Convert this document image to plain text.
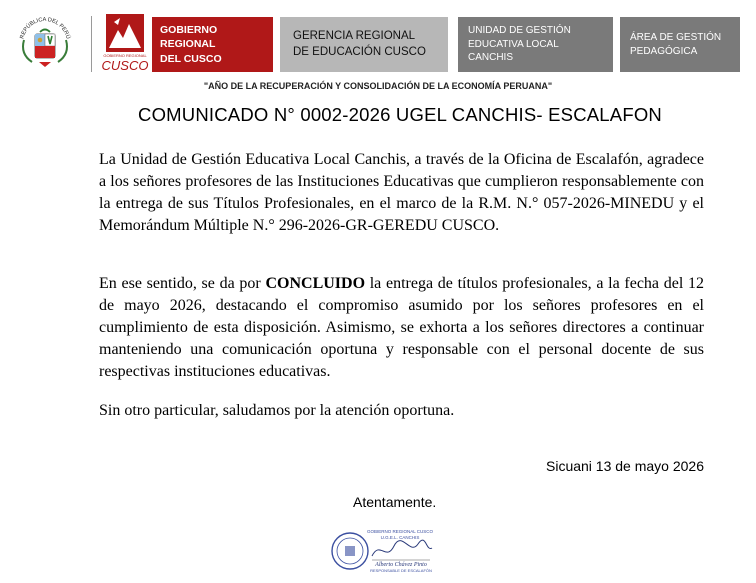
REPÚBLICA DEL PERÚ
GOBIERNO REGIONAL
CUSCO
GOBIERNO REGIONAL
DEL CUSCO
GERENCIA REGIONAL
DE EDUCACIÓN CUSCO
UNIDAD DE GESTIÓN
EDUCATIVA LOCAL
CANCHIS
ÁREA DE GESTIÓN
PEDAGÓGICA
"AÑO DE LA RECUPERACIÓN Y CONSOLIDACIÓN DE LA ECONOMÍA PERUANA"
COMUNICADO N° 0002-2026 UGEL CANCHIS- ESCALAFON
La Unidad de Gestión Educativa Local Canchis, a través de la Oficina de Escalafón, agradece a los señores profesores de las Instituciones Educativas que cumplieron responsablemente con la entrega de sus Títulos Profesionales, en el marco de la R.M. N.° 057-2026-MINEDU y el Memorándum Múltiple N.° 296-2026-GR-GEREDU CUSCO.
En ese sentido, se da por CONCLUIDO la entrega de títulos profesionales, a la fecha del 12 de mayo 2026, destacando el compromiso asumido por los señores profesores en el cumplimiento de esta disposición. Asimismo, se exhorta a los señores directores a continuar manteniendo una comunicación oportuna y responsable con el personal docente de sus respectivas instituciones educativas.
Sin otro particular, saludamos por la atención oportuna.
Sicuani 13 de mayo 2026
Atentamente.
GOBIERNO REGIONAL CUSCO
U.G.E.L. CANCHIS
Alberto Chávez Pinto
RESPONSABLE DE ESCALAFÓN
